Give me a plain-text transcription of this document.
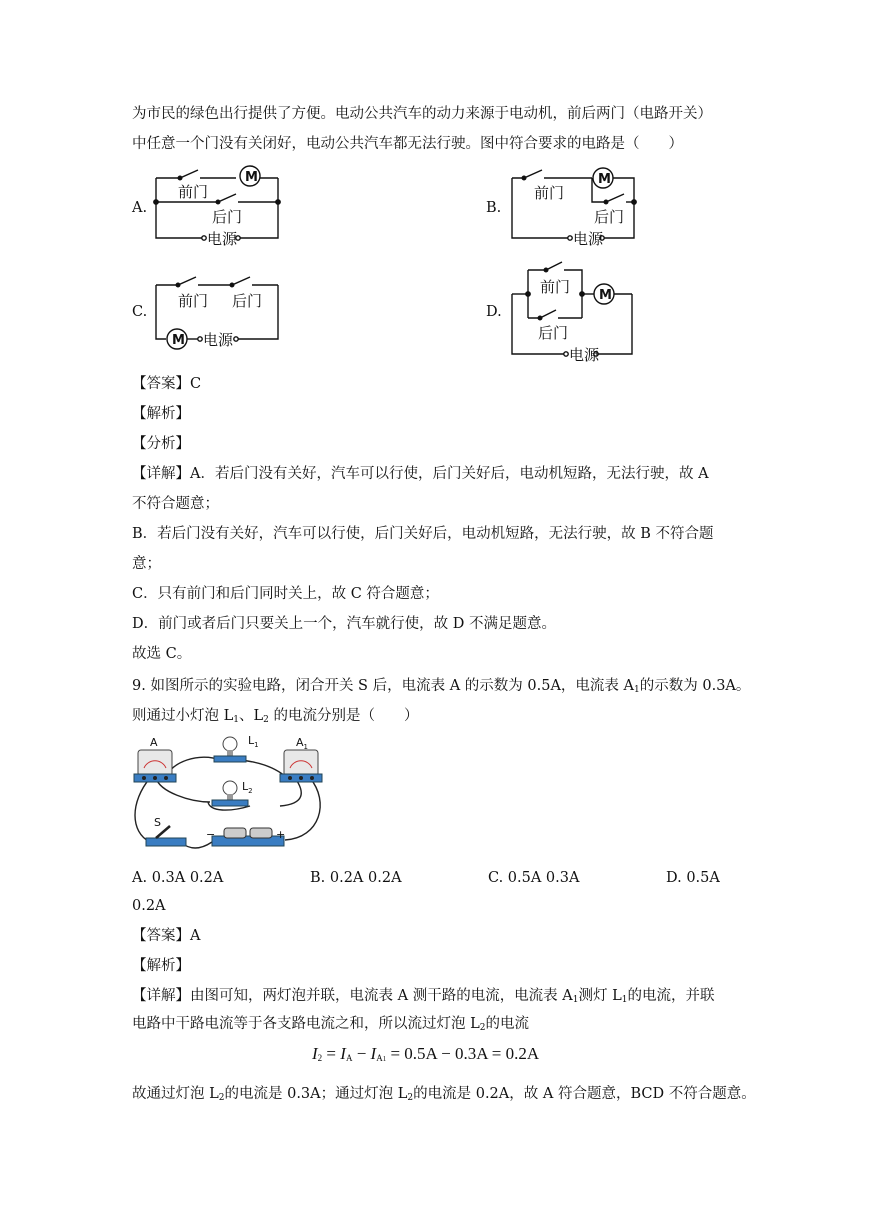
为市民的绿色出行提供了方便。电动公共汽车的动力来源于电动机，前后两门（电路开关）
中任意一个门没有关闭好，电动公共汽车都无法行驶。图中符合要求的电路是（　　）
A.
M
前门
后门
电源
B.
M
前门
后门
电源
C.
M
前门 后门
电源
D.
M
前门
后门
电源
【答案】C
【解析】
【分析】
【详解】A．若后门没有关好，汽车可以行使，后门关好后，电动机短路，无法行驶，故 A
不符合题意；
B．若后门没有关好，汽车可以行使，后门关好后，电动机短路，无法行驶，故 B 不符合题
意；
C．只有前门和后门同时关上，故 C 符合题意；
D．前门或者后门只要关上一个，汽车就行使，故 D 不满足题意。
故选 C。
9. 如图所示的实验电路，闭合开关 S 后，电流表 A 的示数为 0.5A，电流表 $A_1$的示数为 0.3A。
则通过小灯泡 $L_1$、$L_2$ 的电流分别是（　　）
A	$L_1$
$L_2$
$A_1$
S
−	+
A. 0.3A 0.2A	B. 0.2A 0.2A	C. 0.5A 0.3A	D. 0.5A
0.2A
【答案】A
【解析】
【详解】由图可知，两灯泡并联，电流表 A 测干路的电流，电流表 $A_1$测灯 $L_1$的电流，并联
电路中干路电流等于各支路电流之和，所以流过灯泡 $L_2$的电流
$I_2 = I_A - I_{A1} = 0.5A - 0.3A = 0.2A$
故通过灯泡 $L_2$的电流是 0.3A；通过灯泡 $L_2$的电流是 0.2A，故 A 符合题意，BCD 不符合题意。
